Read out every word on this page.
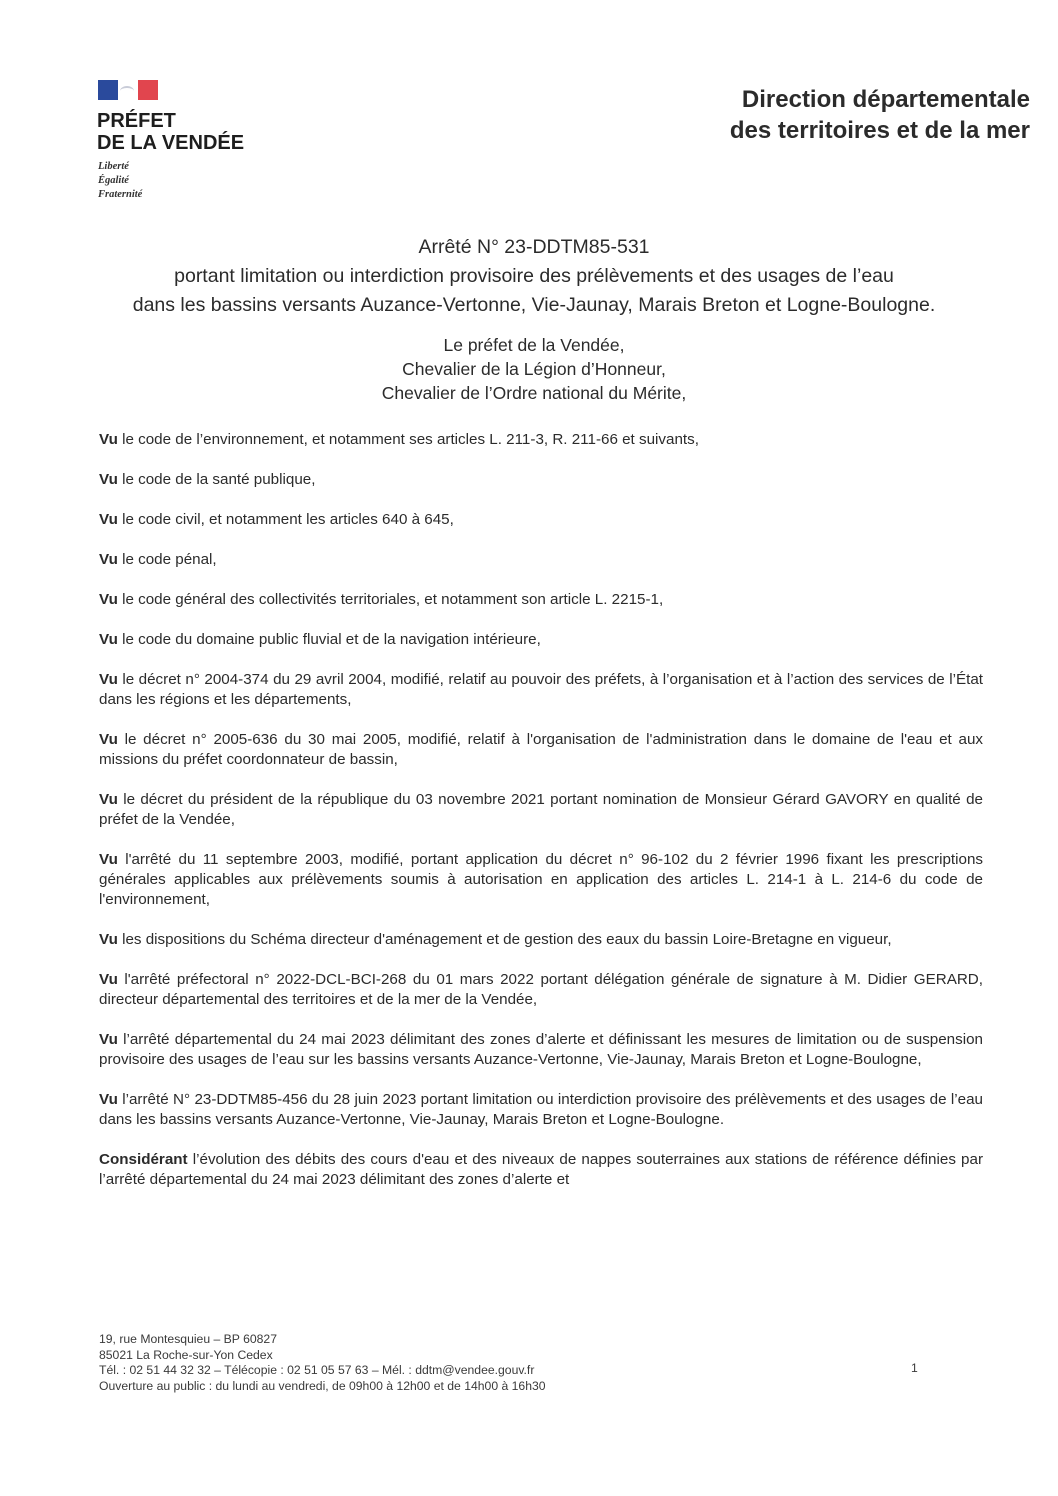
PRÉFET
DE LA VENDÉE
Liberté
Égalité
Fraternité
Direction départementale
des territoires et de la mer
Arrêté N° 23-DDTM85-531
portant limitation ou interdiction provisoire des prélèvements et des usages de l’eau
dans les bassins versants Auzance-Vertonne, Vie-Jaunay, Marais Breton et Logne-Boulogne.
Le préfet de la Vendée,
Chevalier de la Légion d’Honneur,
Chevalier de l’Ordre national du Mérite,

Vu le code de l’environnement, et notamment ses articles L. 211-3, R. 211-66 et suivants,

Vu le code de la santé publique,

Vu le code civil, et notamment les articles 640 à 645,

Vu le code pénal,

Vu le code général des collectivités territoriales, et notamment son article L. 2215-1,

Vu le code du domaine public fluvial et de la navigation intérieure,

Vu le décret n° 2004-374 du 29 avril 2004, modifié, relatif au pouvoir des préfets, à l’organisation et à l’action des services de l’État dans les régions et les départements,

Vu le décret n° 2005-636 du 30 mai 2005, modifié, relatif à l'organisation de l'administration dans le domaine de l'eau et aux missions du préfet coordonnateur de bassin,

Vu le décret du président de la république du 03 novembre 2021 portant nomination de Monsieur Gérard GAVORY en qualité de préfet de la Vendée,

Vu l'arrêté du 11 septembre 2003, modifié, portant application du décret n° 96-102 du 2 février 1996 fixant les prescriptions générales applicables aux prélèvements soumis à autorisation en application des articles L. 214-1 à L. 214-6 du code de l'environnement,

Vu les dispositions du Schéma directeur d'aménagement et de gestion des eaux du bassin Loire-Bretagne en vigueur,

Vu l'arrêté préfectoral n° 2022-DCL-BCI-268 du 01 mars 2022 portant délégation générale de signature à M. Didier GERARD, directeur départemental des territoires et de la mer de la Vendée,

Vu l’arrêté départemental du 24 mai 2023 délimitant des zones d’alerte et définissant les mesures de limitation ou de suspension provisoire des usages de l’eau sur les bassins versants Auzance-Vertonne, Vie-Jaunay, Marais Breton et Logne-Boulogne,

Vu l’arrêté N° 23-DDTM85-456 du 28 juin 2023 portant limitation ou interdiction provisoire des prélèvements et des usages de l’eau dans les bassins versants Auzance-Vertonne, Vie-Jaunay, Marais Breton et Logne-Boulogne.

Considérant l’évolution des débits des cours d'eau et des niveaux de nappes souterraines aux stations de référence définies par l’arrêté départemental du 24 mai 2023 délimitant des zones d’alerte et

19, rue Montesquieu – BP 60827
85021 La Roche-sur-Yon Cedex
Tél. : 02 51 44 32 32 – Télécopie : 02 51 05 57 63 – Mél. : ddtm@vendee.gouv.fr
Ouverture au public : du lundi au vendredi, de 09h00 à 12h00 et de 14h00 à 16h30
1
